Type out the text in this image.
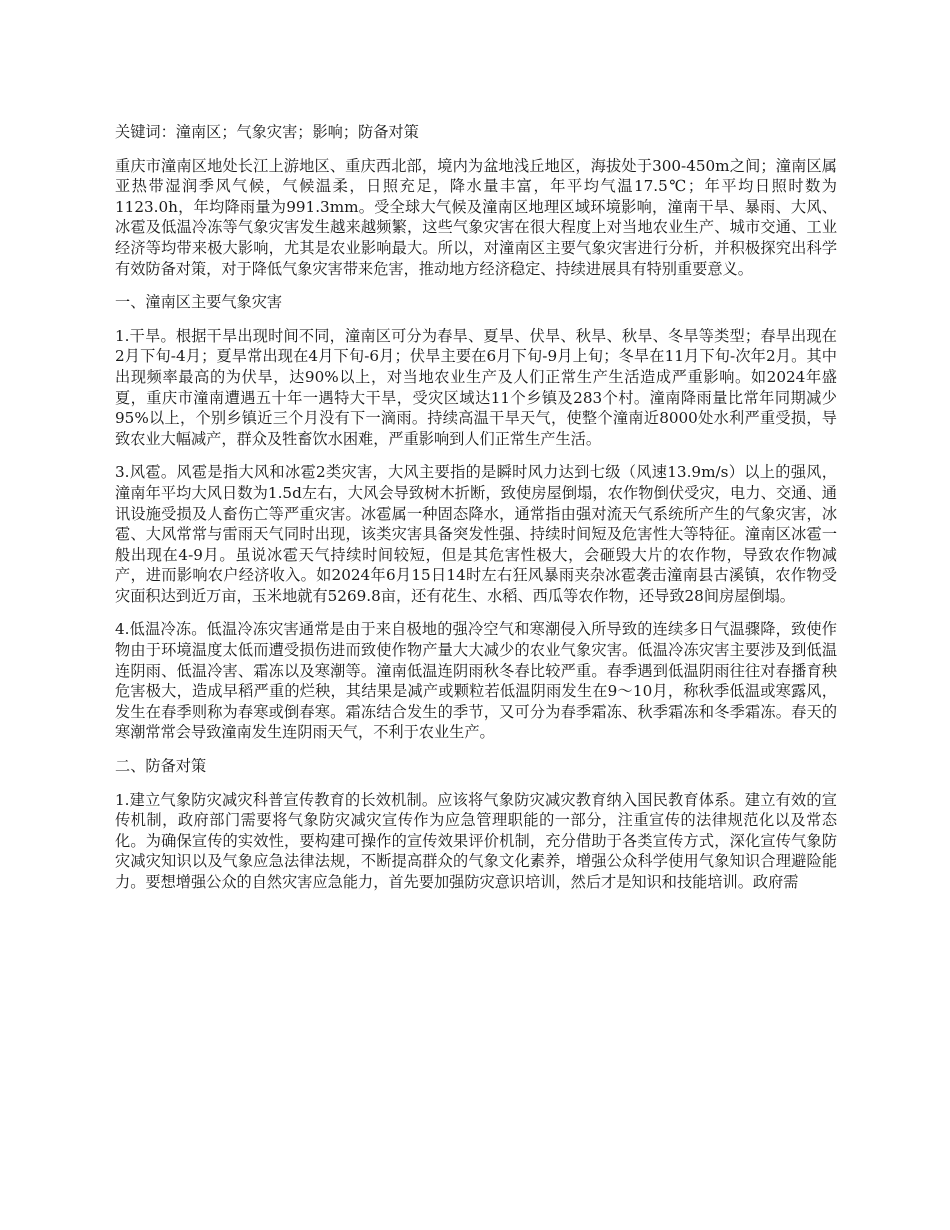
关键词：潼南区；气象灾害；影响；防备对策

重庆市潼南区地处长江上游地区、重庆西北部，境内为盆地浅丘地区，海拔处于300-450m之间；潼南区属亚热带湿润季风气候，气候温柔，日照充足，降水量丰富，年平均气温17.5℃；年平均日照时数为1123.0h，年均降雨量为991.3mm。受全球大气候及潼南区地理区域环境影响，潼南干旱、暴雨、大风、冰雹及低温冷冻等气象灾害发生越来越频繁，这些气象灾害在很大程度上对当地农业生产、城市交通、工业经济等均带来极大影响，尤其是农业影响最大。所以，对潼南区主要气象灾害进行分析，并积极探究出科学有效防备对策，对于降低气象灾害带来危害，推动地方经济稳定、持续进展具有特别重要意义。

一、潼南区主要气象灾害

1.干旱。根据干旱出现时间不同，潼南区可分为春旱、夏旱、伏旱、秋旱、秋旱、冬旱等类型；春旱出现在2月下旬-4月；夏旱常出现在4月下旬-6月；伏旱主要在6月下旬-9月上旬；冬旱在11月下旬-次年2月。其中出现频率最高的为伏旱，达90%以上，对当地农业生产及人们正常生产生活造成严重影响。如2024年盛夏，重庆市潼南遭遇五十年一遇特大干旱，受灾区域达11个乡镇及283个村。潼南降雨量比常年同期减少95%以上，个别乡镇近三个月没有下一滴雨。持续高温干旱天气，使整个潼南近8000处水利严重受损，导致农业大幅减产，群众及牲畜饮水困难，严重影响到人们正常生产生活。

3.风雹。风雹是指大风和冰雹2类灾害，大风主要指的是瞬时风力达到七级（风速13.9m/s）以上的强风，潼南年平均大风日数为1.5d左右，大风会导致树木折断，致使房屋倒塌，农作物倒伏受灾，电力、交通、通讯设施受损及人畜伤亡等严重灾害。冰雹属一种固态降水，通常指由强对流天气系统所产生的气象灾害，冰雹、大风常常与雷雨天气同时出现，该类灾害具备突发性强、持续时间短及危害性大等特征。潼南区冰雹一般出现在4-9月。虽说冰雹天气持续时间较短，但是其危害性极大，会砸毁大片的农作物，导致农作物减产，进而影响农户经济收入。如2024年6月15日14时左右狂风暴雨夹杂冰雹袭击潼南县古溪镇，农作物受灾面积达到近万亩，玉米地就有5269.8亩，还有花生、水稻、西瓜等农作物，还导致28间房屋倒塌。

4.低温冷冻。低温冷冻灾害通常是由于来自极地的强冷空气和寒潮侵入所导致的连续多日气温骤降，致使作物由于环境温度太低而遭受损伤进而致使作物产量大大减少的农业气象灾害。低温冷冻灾害主要涉及到低温连阴雨、低温冷害、霜冻以及寒潮等。潼南低温连阴雨秋冬春比较严重。春季遇到低温阴雨往往对春播育秧危害极大，造成早稻严重的烂秧，其结果是减产或颗粒若低温阴雨发生在9～10月，称秋季低温或寒露风，发生在春季则称为春寒或倒春寒。霜冻结合发生的季节，又可分为春季霜冻、秋季霜冻和冬季霜冻。春天的寒潮常常会导致潼南发生连阴雨天气，不利于农业生产。

二、防备对策

1.建立气象防灾减灾科普宣传教育的长效机制。应该将气象防灾减灾教育纳入国民教育体系。建立有效的宣传机制，政府部门需要将气象防灾减灾宣传作为应急管理职能的一部分，注重宣传的法律规范化以及常态化。为确保宣传的实效性，要构建可操作的宣传效果评价机制，充分借助于各类宣传方式，深化宣传气象防灾减灾知识以及气象应急法律法规，不断提高群众的气象文化素养，增强公众科学使用气象知识合理避险能力。要想增强公众的自然灾害应急能力，首先要加强防灾意识培训，然后才是知识和技能培训。政府需
